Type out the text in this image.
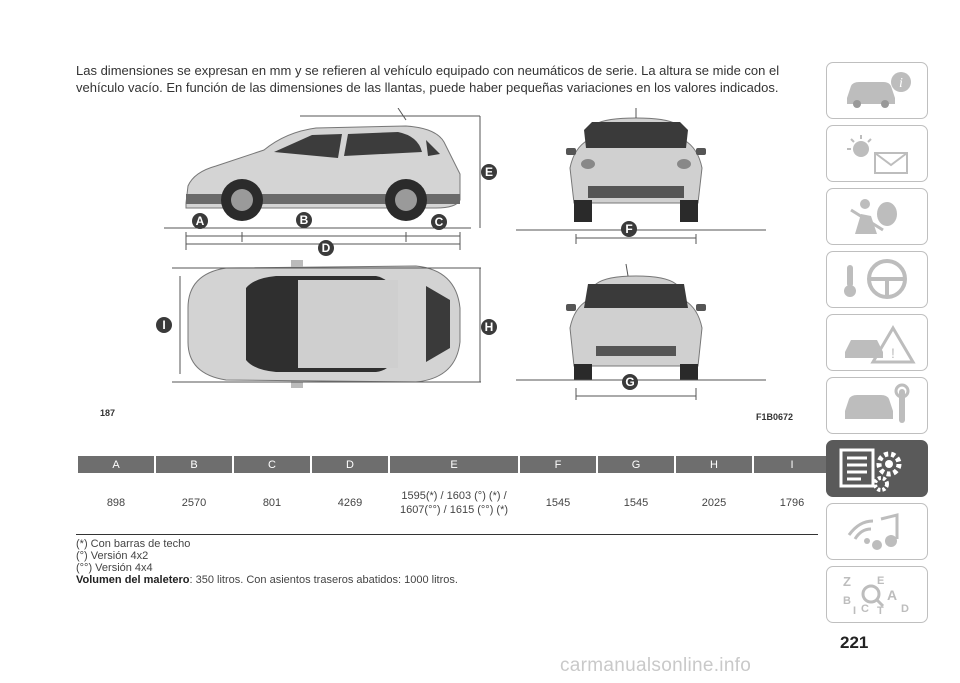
Las dimensiones se expresan en mm y se refieren al vehículo equipado con neumáticos de serie. La altura se mide con el vehículo vacío. En función de las dimensiones de las llantas, puede haber pequeñas variaciones en los valores indicados.
A	B	C
D
E
F
I	H
G
187	F1B0672
A	B	C	D	E	F	G	H	I
898	2570	801	4269	1595(*) / 1603 (°) (*) / 1607(°°) / 1615 (°°) (*)	1545	1545	2025	1796
(*) Con barras de techo
(°) Versión 4x2
(°°) Versión 4x4
Volumen del maletero: 350 litros. Con asientos traseros abatidos: 1000 litros.
i
!
Z E
B
I C T
A
D
221
carmanualsonline.info
